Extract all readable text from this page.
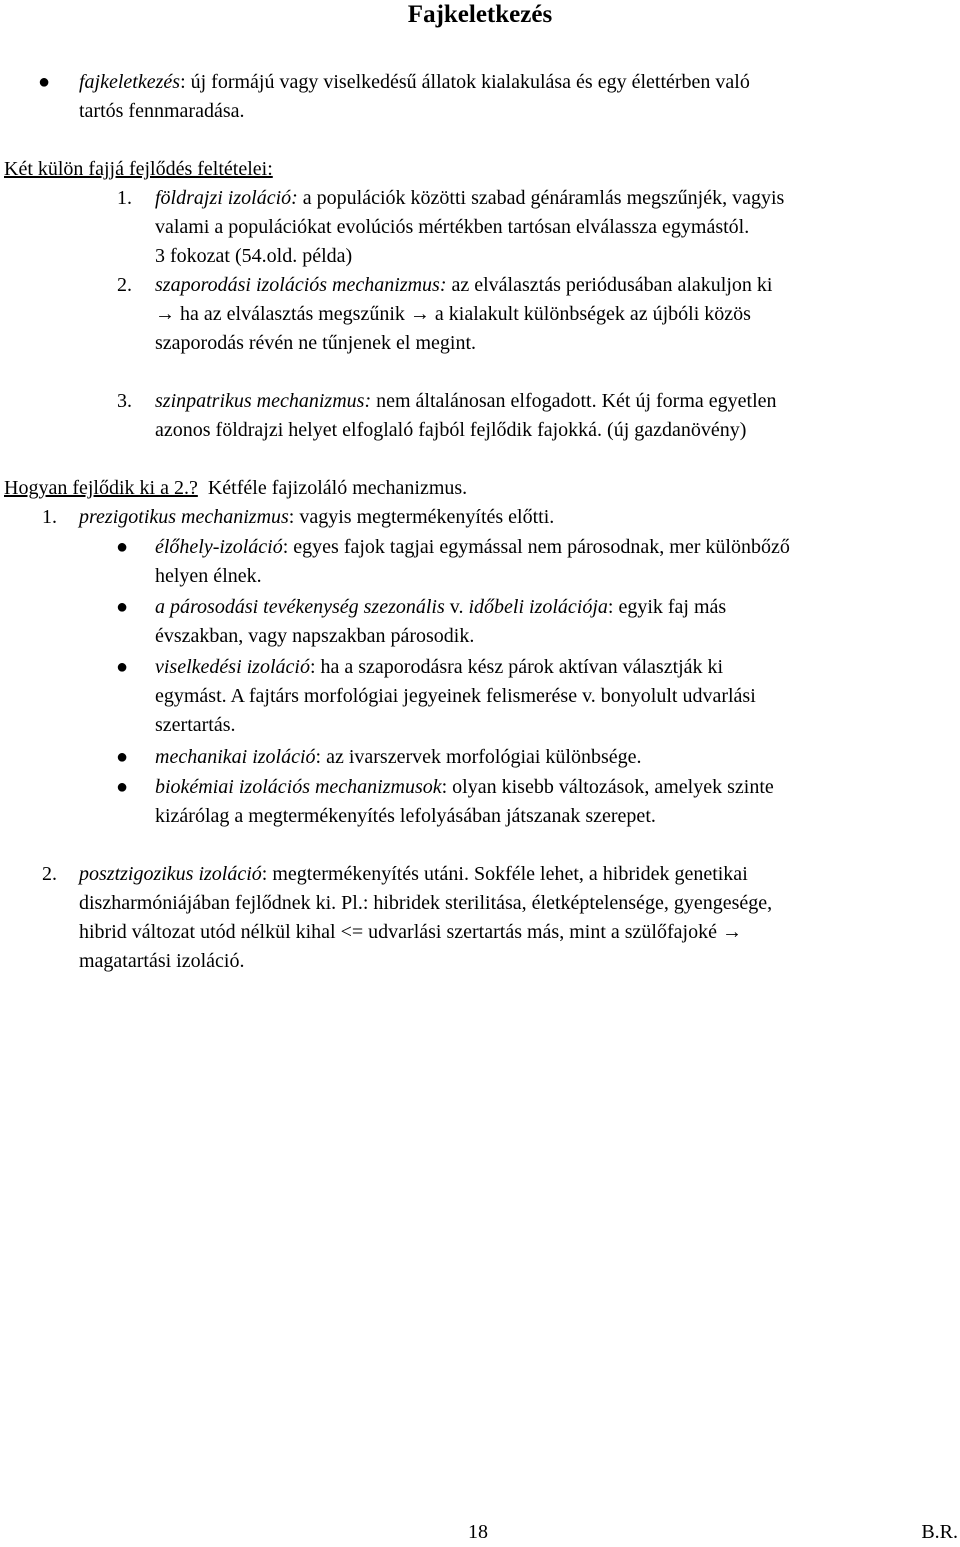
Fajkeletkezés
● fajkeletkezés: új formájú vagy viselkedésű állatok kialakulása és egy élettérben való
tartós fennmaradása.
Két külön fajjá fejlődés feltételei:
1. földrajzi izoláció: a populációk közötti szabad génáramlás megszűnjék, vagyis
valami a populációkat evolúciós mértékben tartósan elválassza egymástól.
3 fokozat (54.old. példa)
2. szaporodási izolációs mechanizmus: az elválasztás periódusában alakuljon ki
→ ha az elválasztás megszűnik → a kialakult különbségek az újbóli közös
szaporodás révén ne tűnjenek el megint.
3. szinpatrikus mechanizmus: nem általánosan elfogadott. Két új forma egyetlen
azonos földrajzi helyet elfoglaló fajból fejlődik fajokká. (új gazdanövény)
Hogyan fejlődik ki a 2.?  Kétféle fajizoláló mechanizmus.
1. prezigotikus mechanizmus: vagyis megtermékenyítés előtti.
● élőhely-izoláció: egyes fajok tagjai egymással nem párosodnak, mer különbőző
helyen élnek.
● a párosodási tevékenység szezonális v. időbeli izolációja: egyik faj más
évszakban, vagy napszakban párosodik.
● viselkedési izoláció: ha a szaporodásra kész párok aktívan választják ki
egymást. A fajtárs morfológiai jegyeinek felismerése v. bonyolult udvarlási
szertartás.
● mechanikai izoláció: az ivarszervek morfológiai különbsége.
● biokémiai izolációs mechanizmusok: olyan kisebb változások, amelyek szinte
kizárólag a megtermékenyítés lefolyásában játszanak szerepet.
2. posztzigozikus izoláció: megtermékenyítés utáni. Sokféle lehet, a hibridek genetikai
diszharmóniájában fejlődnek ki. Pl.: hibridek sterilitása, életképtelensége, gyengesége,
hibrid változat utód nélkül kihal <= udvarlási szertartás más, mint a szülőfajoké →
magatartási izoláció.
18	B.R.
